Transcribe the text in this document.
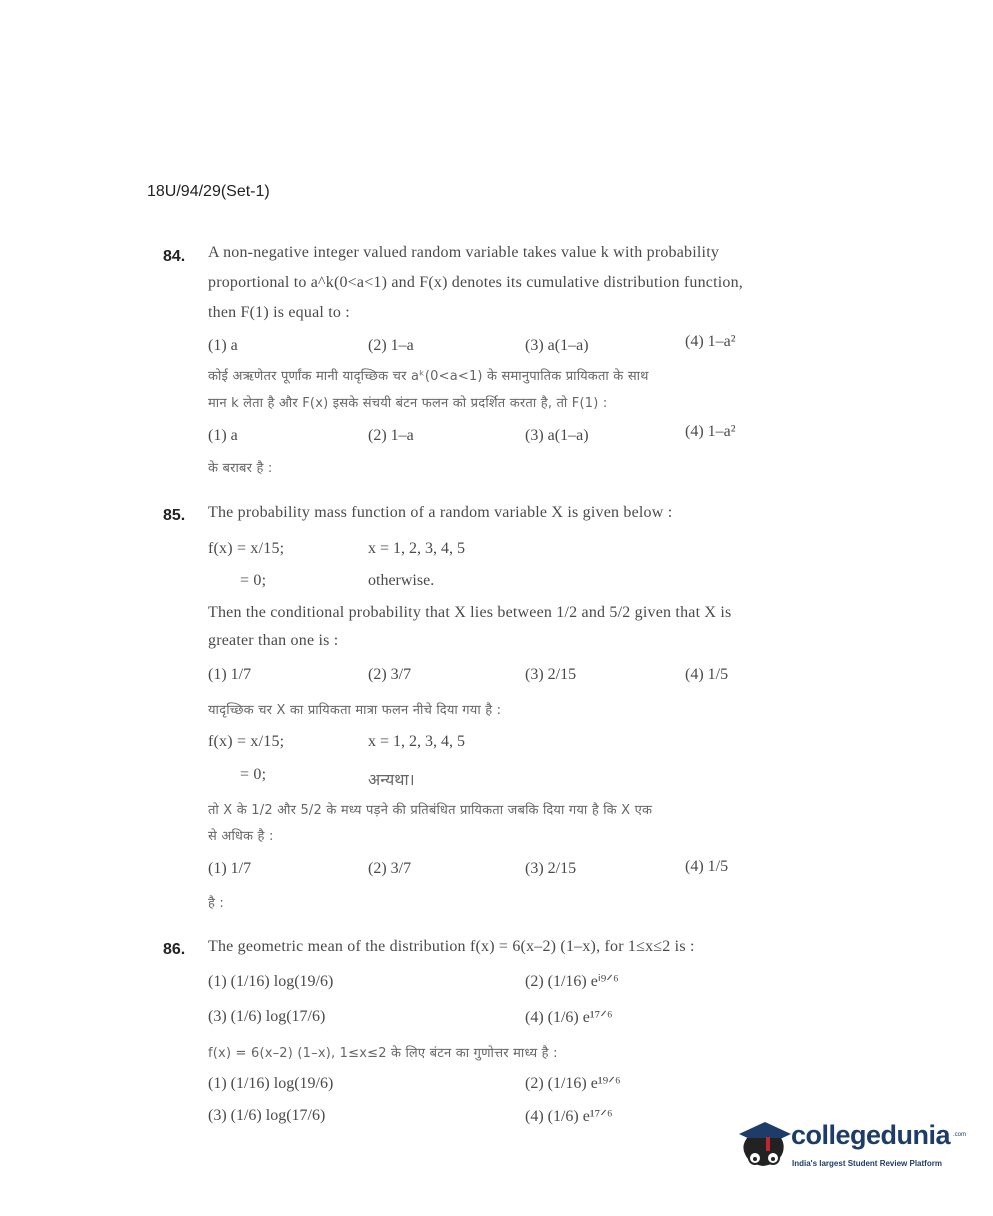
18U/94/29(Set-1)
84. A non-negative integer valued random variable takes value k with probability
proportional to a^k(0<a<1) and F(x) denotes its cumulative distribution function,
then F(1) is equal to :
(1) a	(2) 1–a	(3) a(1–a)	(4) 1–a²
कोई अऋणेतर पूर्णांक मानी यादृच्छिक चर aᵏ(0<a<1) के समानुपातिक प्रायिकता के साथ
मान k लेता है और F(x) इसके संचयी बंटन फलन को प्रदर्शित करता है, तो F(1) :
(1) a	(2) 1–a	(3) a(1–a)	(4) 1–a²
के बराबर है :
85. The probability mass function of a random variable X is given below :
f(x) = x/15;	x = 1, 2, 3, 4, 5
= 0;	otherwise.
Then the conditional probability that X lies between 1/2 and 5/2 given that X is
greater than one is :
(1) 1/7	(2) 3/7	(3) 2/15	(4) 1/5
यादृच्छिक चर X का प्रायिकता मात्रा फलन नीचे दिया गया है :
f(x) = x/15;	x = 1, 2, 3, 4, 5
= 0;	अन्यथा।
तो X के 1/2 और 5/2 के मध्य पड़ने की प्रतिबंधित प्रायिकता जबकि दिया गया है कि X एक
से अधिक है :
(1) 1/7	(2) 3/7	(3) 2/15	(4) 1/5
है :
86. The geometric mean of the distribution f(x) = 6(x–2) (1–x), for 1≤x≤2 is :
(1) (1/16) log(19/6)	(2) (1/16) eⁱ⁹ᐟ⁶
(3) (1/6) log(17/6)	(4) (1/6) e¹⁷ᐟ⁶
f(x) = 6(x–2) (1–x), 1≤x≤2 के लिए बंटन का गुणोत्तर माध्य है :
(1) (1/16) log(19/6)	(2) (1/16) e¹⁹ᐟ⁶
(3) (1/6) log(17/6)	(4) (1/6) e¹⁷ᐟ⁶
collegedunia .com
India's largest Student Review Platform
